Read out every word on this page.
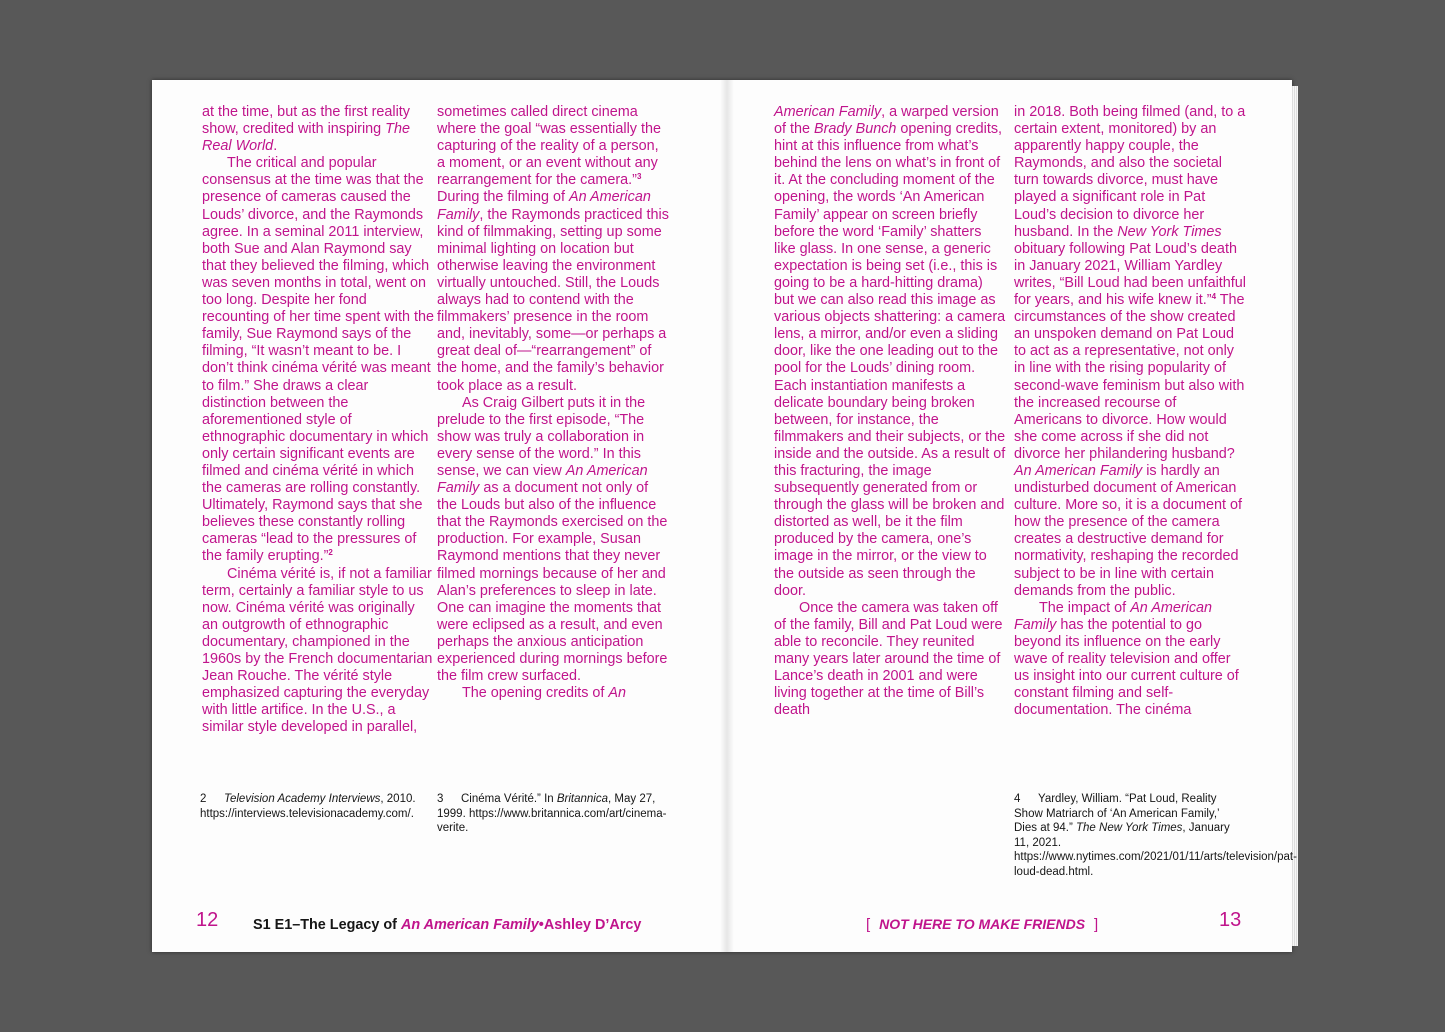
at the time, but as the first reality show, credited with inspiring The Real World.

The critical and popular consensus at the time was that the presence of cameras caused the Louds’ divorce, and the Raymonds agree. In a seminal 2011 interview, both Sue and Alan Raymond say that they believed the filming, which was seven months in total, went on too long. Despite her fond recounting of her time spent with the family, Sue Raymond says of the filming, “It wasn’t meant to be. I don’t think cinéma vérité was meant to film.” She draws a clear distinction between the aforementioned style of ethnographic documentary in which only certain significant events are filmed and cinéma vérité in which the cameras are rolling constantly. Ultimately, Raymond says that she believes these constantly rolling cameras “lead to the pressures of the family erupting.”$^2$

Cinéma vérité is, if not a familiar term, certainly a familiar style to us now. Cinéma vérité was originally an outgrowth of ethnographic documentary, championed in the 1960s by the French documentarian Jean Rouche. The vérité style emphasized capturing the everyday with little artifice. In the U.S., a similar style developed in parallel,

sometimes called direct cinema where the goal “was essentially the capturing of the reality of a person, a moment, or an event without any rearrangement for the camera.”$^3$ During the filming of An American Family, the Raymonds practiced this kind of filmmaking, setting up some minimal lighting on location but otherwise leaving the environment virtually untouched. Still, the Louds always had to contend with the filmmakers’ presence in the room and, inevitably, some—or perhaps a great deal of—“rearrangement” of the home, and the family’s behavior took place as a result.

As Craig Gilbert puts it in the prelude to the first episode, “The show was truly a collaboration in every sense of the word.” In this sense, we can view An American Family as a document not only of the Louds but also of the influence that the Raymonds exercised on the production. For example, Susan Raymond mentions that they never filmed mornings because of her and Alan’s preferences to sleep in late. One can imagine the moments that were eclipsed as a result, and even perhaps the anxious anticipation experienced during mornings before the film crew surfaced.

The opening credits of An

American Family, a warped version of the Brady Bunch opening credits, hint at this influence from what’s behind the lens on what’s in front of it. At the concluding moment of the opening, the words ‘An American Family’ appear on screen briefly before the word ‘Family’ shatters like glass. In one sense, a generic expectation is being set (i.e., this is going to be a hard-hitting drama) but we can also read this image as various objects shattering: a camera lens, a mirror, and/or even a sliding door, like the one leading out to the pool for the Louds’ dining room. Each instantiation manifests a delicate boundary being broken between, for instance, the filmmakers and their subjects, or the inside and the outside. As a result of this fracturing, the image subsequently generated from or through the glass will be broken and distorted as well, be it the film produced by the camera, one’s image in the mirror, or the view to the outside as seen through the door.

Once the camera was taken off of the family, Bill and Pat Loud were able to reconcile. They reunited many years later around the time of Lance’s death in 2001 and were living together at the time of Bill’s death

in 2018. Both being filmed (and, to a certain extent, monitored) by an apparently happy couple, the Raymonds, and also the societal turn towards divorce, must have played a significant role in Pat Loud’s decision to divorce her husband. In the New York Times obituary following Pat Loud’s death in January 2021, William Yardley writes, “Bill Loud had been unfaithful for years, and his wife knew it.”$^4$ The circumstances of the show created an unspoken demand on Pat Loud to act as a representative, not only in line with the rising popularity of second-wave feminism but also with the increased recourse of Americans to divorce. How would she come across if she did not divorce her philandering husband? An American Family is hardly an undisturbed document of American culture. More so, it is a document of how the presence of the camera creates a destructive demand for normativity, reshaping the recorded subject to be in line with certain demands from the public.

The impact of An American Family has the potential to go beyond its influence on the early wave of reality television and offer us insight into our current culture of constant filming and self-documentation. The cinéma

2 Television Academy Interviews, 2010. https://interviews.televisionacademy.com/.
3 Cinéma Vérité.” In Britannica, May 27, 1999. https://www.britannica.com/art/cinema-verite.
4 Yardley, William. “Pat Loud, Reality Show Matriarch of ‘An American Family,’ Dies at 94.” The New York Times, January 11, 2021. https://www.nytimes.com/2021/01/11/arts/television/pat-loud-dead.html.
12 S1 E1–The Legacy of An American Family•Ashley D’Arcy	[ NOT HERE TO MAKE FRIENDS ]	13
